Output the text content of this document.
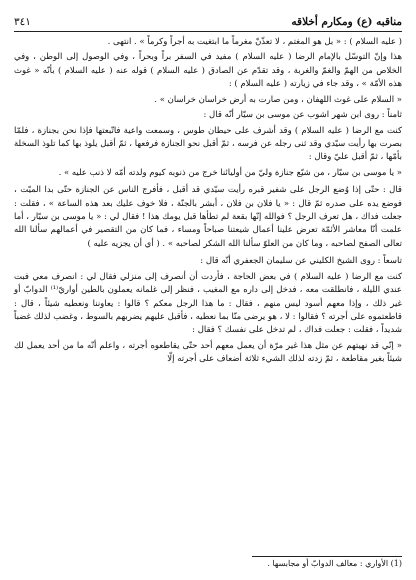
مناقبه (ع) ومكارم أخلاقه
٣٤١

( عليه السلام ) : « بل هو المغتم ، لا تعذّنّ مغرماً ما ابتغيت به أجراً وكرماً » . انتهى .

هذا وإنّ التوسّل بالإمام الرضا ( عليه السلام ) مفيد في السفر براً وبحراً ، وفي الوصول إلى الوطن ، وفي الخلاص من الهمّ والغمّ والغربة ، وقد تقدّم عن الصادق ( عليه السلام ) قوله عنه ( عليه السلام ) بأنّه « غوث هذه الأمّة » ، وقد جاء في زيارته ( عليه السلام ) :

« السلام على غوث اللهفان ، ومن صارت به أرض خراسان خراسان » .

ثامناً : روى ابن شهر اشوب عن موسى بن سيّار أنّه قال :

كنت مع الرضا ( عليه السلام ) وقد أشرف على حيطان طوس ، وسمعت واعية فاتّبعتها فإذا نحن بجنازة ، فلمّا بصرت بها رأيت سيّدي وقد ثنى رجله عن فرسه ، ثمّ أقبل نحو الجنازة فرفعها ، ثمّ أقبل يلوذ بها كما تلوذ السخلة بأمّها ، ثمّ أقبل عليّ وقال :

« يا موسى بن سيّار ، من شيّع جنازة وليّ من أوليائنا خرج من ذنوبه كيوم ولدته أمّه لا ذنب عليه » .

قال : حتّى إذا وُضع الرجل على شفير قبره رأيت سيّدي قد أقبل ، فأفرج الناس عن الجنازة حتّى بدا الميّت ، فوضع يده على صدره ثمّ قال : « يا فلان بن فلان ، أبشر بالجنّة ، فلا خوف عليك بعد هذه الساعة » ، فقلت : جعلت فداك ، هل تعرف الرجل ؟ فوالله إنّها بقعة لم تطأها قبل يومك هذا ! فقال لي : « يا موسى بن سيّار ، أما علمت أنّا معاشر الأئمّة تعرض علينا أعمال شيعتنا صباحاً ومساء ، فما كان من التقصير في أعمالهم سألنا الله تعالى الصفح لصاحبه ، وما كان من العلوّ سألنا الله الشكر لصاحبه » . ( أي أن يجزيه عليه )

تاسعاً : روى الشيخ الكليني عن سليمان الجعفري أنّه قال :

كنت مع الرضا ( عليه السلام ) في بعض الحاجة ، فأردت أن أنصرف إلى منزلي فقال لي : انصرف معي فبت عندي الليلة ، فانطلقت معه ، فدخل إلى داره مع المغيب ، فنظر إلى غلمانه يعملون بالطين أواريّ⁽¹⁾ الدوابّ أو غير ذلك ، وإذا معهم أسود ليس منهم ، فقال : ما هذا الرجل معكم ؟ قالوا : يعاوننا ونعطيه شيئاً ، قال : قاطعتموه على أجرته ؟ فقالوا : لا ، هو يرضى منّا بما نعطيه ، فأقبل عليهم يضربهم بالسوط ، وغضب لذلك غضباً شديداً ، فقلت : جعلت فداك ، لم تدخل على نفسك ؟ فقال :

« إنّي قد نهيتهم عن مثل هذا غير مرّة أن يعمل معهم أحد حتّى يقاطعوه أجرته ، واعلم أنّه ما من أحد يعمل لك شيئاً بغير مقاطعة ، ثمّ زدته لذلك الشيء ثلاثة أضعاف على أجرته إلّا

(1) الأواري : معالف الدوابّ أو مجابسها .
